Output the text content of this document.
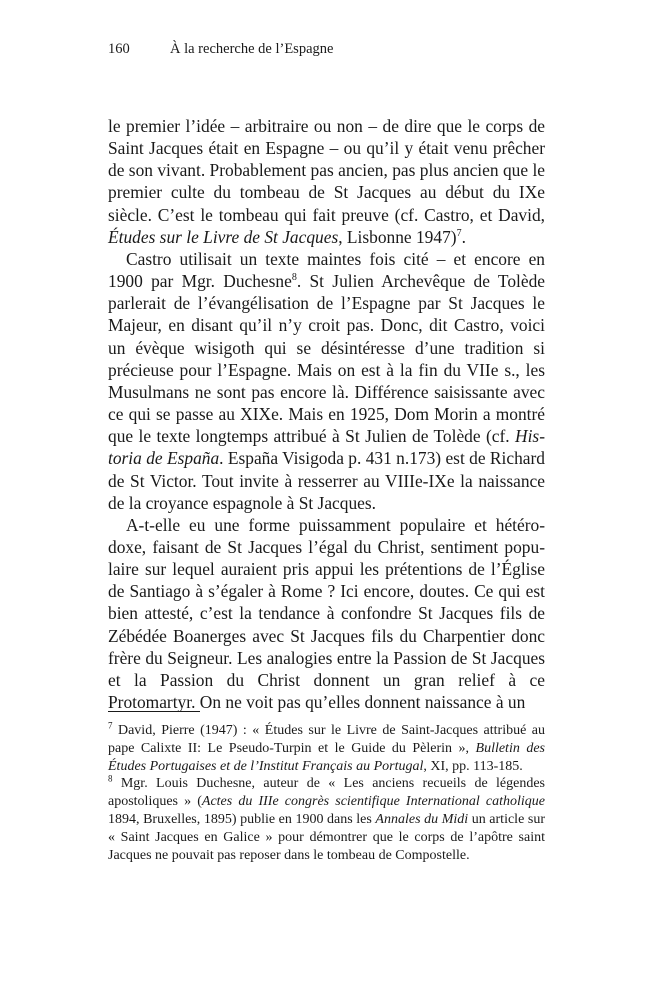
160	À la recherche de l’Espagne

le premier l’idée – arbitraire ou non – de dire que le corps de Saint Jacques était en Espagne – ou qu’il y était venu prêcher de son vivant. Probablement pas ancien, pas plus ancien que le premier culte du tombeau de St Jacques au début du IXe siècle. C’est le tombeau qui fait preuve (cf. Castro, et David, Études sur le Livre de St Jacques, Lisbonne 1947)$^7$.

Castro utilisait un texte maintes fois cité – et encore en 1900 par Mgr. Duchesne$^8$. St Julien Archevêque de Tolède parlerait de l’évangélisation de l’Espagne par St Jacques le Majeur, en disant qu’il n’y croit pas. Donc, dit Castro, voici un évèque wisigoth qui se désintéresse d’une tradition si précieuse pour l’Espagne. Mais on est à la fin du VIIe s., les Musulmans ne sont pas encore là. Différence saisissante avec ce qui se passe au XIXe. Mais en 1925, Dom Morin a montré que le texte longtemps attribué à St Julien de Tolède (cf. Historia de España. España Visigoda p. 431 n.173) est de Richard de St Victor. Tout invite à resserrer au VIIIe-IXe la naissance de la croyance espagnole à St Jacques.

A-t-elle eu une forme puissamment populaire et hétérodoxe, faisant de St Jacques l’égal du Christ, sentiment populaire sur lequel auraient pris appui les prétentions de l’Église de Santiago à s’égaler à Rome ? Ici encore, doutes. Ce qui est bien attesté, c’est la tendance à confondre St Jacques fils de Zébédée Boanerges avec St Jacques fils du Charpentier donc frère du Seigneur. Les analogies entre la Passion de St Jacques et la Passion du Christ donnent un gran relief à ce Protomartyr. On ne voit pas qu’elles donnent naissance à un

$^7$ David, Pierre (1947) : « Études sur le Livre de Saint-Jacques attribué au pape Calixte II: Le Pseudo-Turpin et le Guide du Pèlerin », Bulletin des Études Portugaises et de l’Institut Français au Portugal, XI, pp. 113-185.

$^8$ Mgr. Louis Duchesne, auteur de « Les anciens recueils de légendes apostoliques » (Actes du IIIe congrès scientifique International catholique 1894, Bruxelles, 1895) publie en 1900 dans les Annales du Midi un article sur « Saint Jacques en Galice » pour démontrer que le corps de l’apôtre saint Jacques ne pouvait pas reposer dans le tombeau de Compostelle.
